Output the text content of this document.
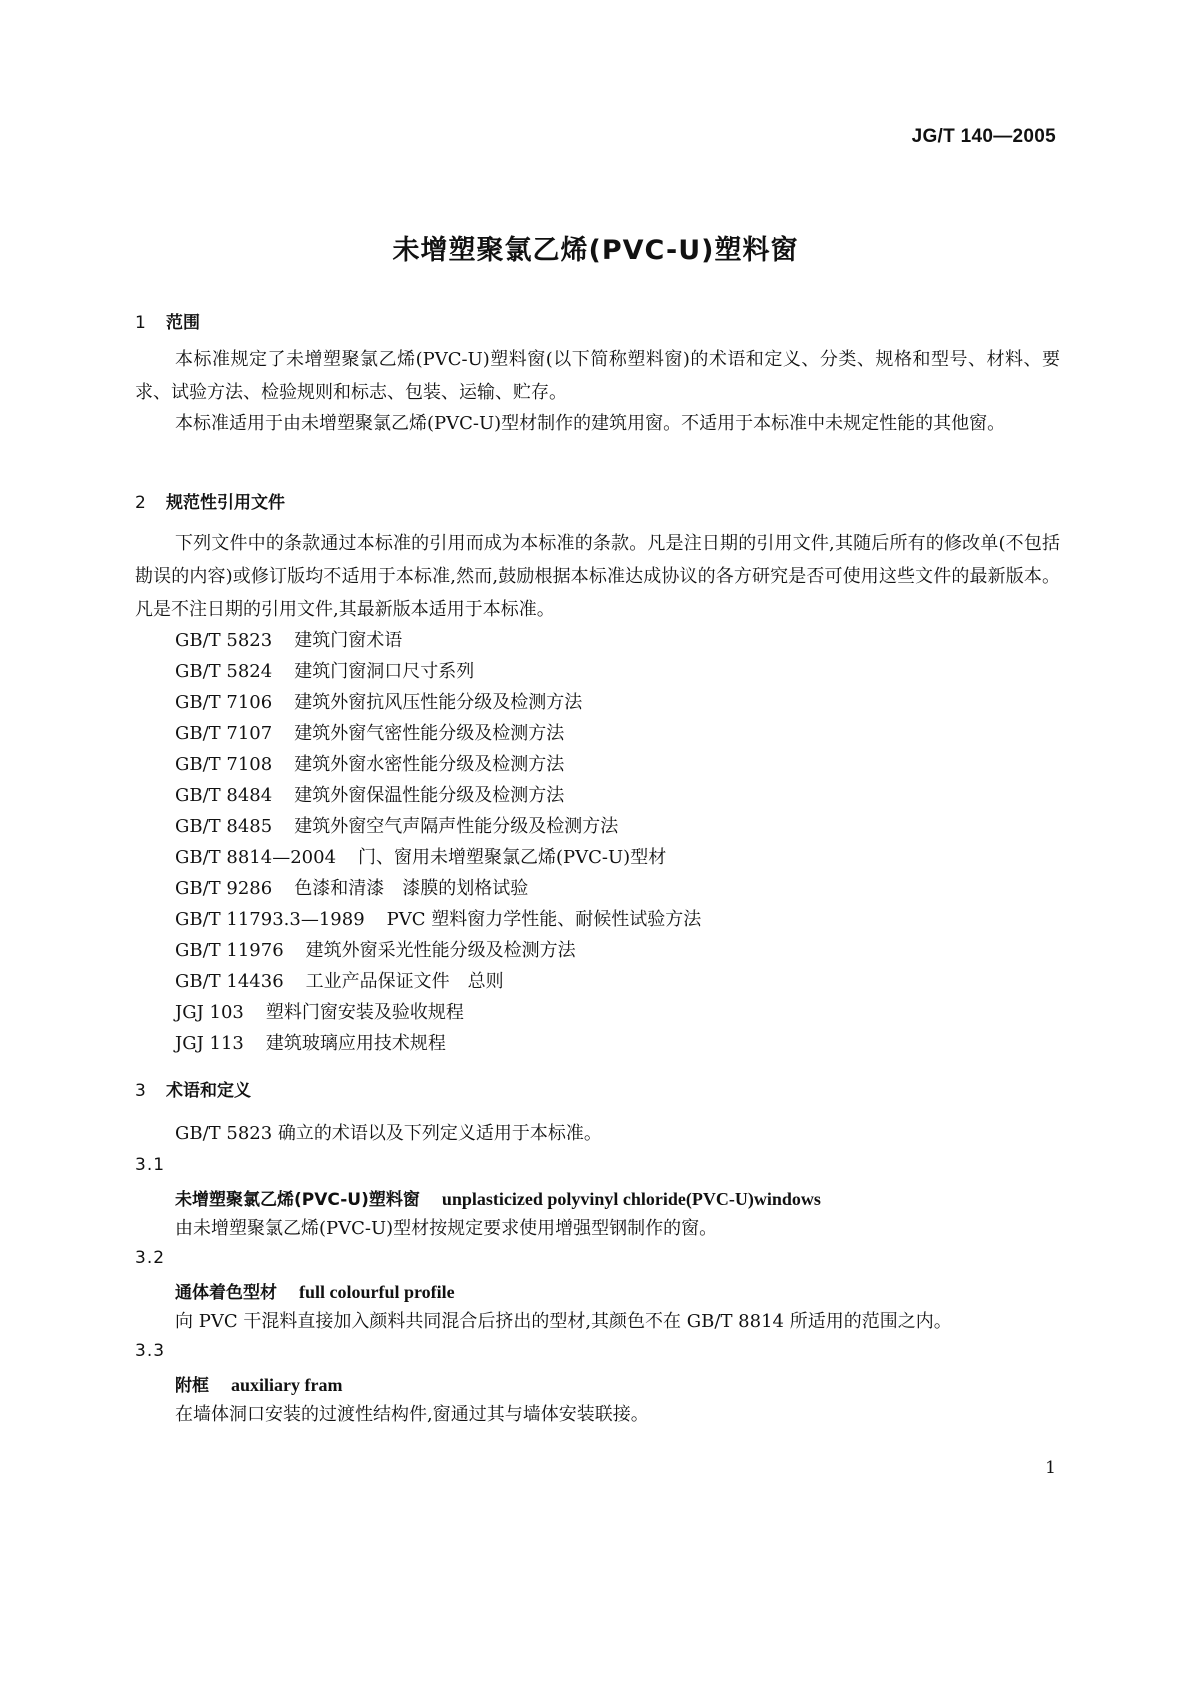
JG/T 140—2005
未增塑聚氯乙烯(PVC-U)塑料窗
1 范围
本标准规定了未增塑聚氯乙烯(PVC-U)塑料窗(以下简称塑料窗)的术语和定义、分类、规格和型号、材料、要求、试验方法、检验规则和标志、包装、运输、贮存。
本标准适用于由未增塑聚氯乙烯(PVC-U)型材制作的建筑用窗。不适用于本标准中未规定性能的其他窗。
2 规范性引用文件
下列文件中的条款通过本标准的引用而成为本标准的条款。凡是注日期的引用文件,其随后所有的修改单(不包括勘误的内容)或修订版均不适用于本标准,然而,鼓励根据本标准达成协议的各方研究是否可使用这些文件的最新版本。凡是不注日期的引用文件,其最新版本适用于本标准。
GB/T 5823 建筑门窗术语
GB/T 5824 建筑门窗洞口尺寸系列
GB/T 7106 建筑外窗抗风压性能分级及检测方法
GB/T 7107 建筑外窗气密性能分级及检测方法
GB/T 7108 建筑外窗水密性能分级及检测方法
GB/T 8484 建筑外窗保温性能分级及检测方法
GB/T 8485 建筑外窗空气声隔声性能分级及检测方法
GB/T 8814—2004 门、窗用未增塑聚氯乙烯(PVC-U)型材
GB/T 9286 色漆和清漆　漆膜的划格试验
GB/T 11793.3—1989 PVC 塑料窗力学性能、耐候性试验方法
GB/T 11976 建筑外窗采光性能分级及检测方法
GB/T 14436 工业产品保证文件　总则
JGJ 103 塑料门窗安装及验收规程
JGJ 113 建筑玻璃应用技术规程
3 术语和定义
GB/T 5823 确立的术语以及下列定义适用于本标准。
3.1
未增塑聚氯乙烯(PVC-U)塑料窗 unplasticized polyvinyl chloride(PVC-U)windows
由未增塑聚氯乙烯(PVC-U)型材按规定要求使用增强型钢制作的窗。
3.2
通体着色型材 full colourful profile
向 PVC 干混料直接加入颜料共同混合后挤出的型材,其颜色不在 GB/T 8814 所适用的范围之内。
3.3
附框 auxiliary fram
在墙体洞口安装的过渡性结构件,窗通过其与墙体安装联接。
1
